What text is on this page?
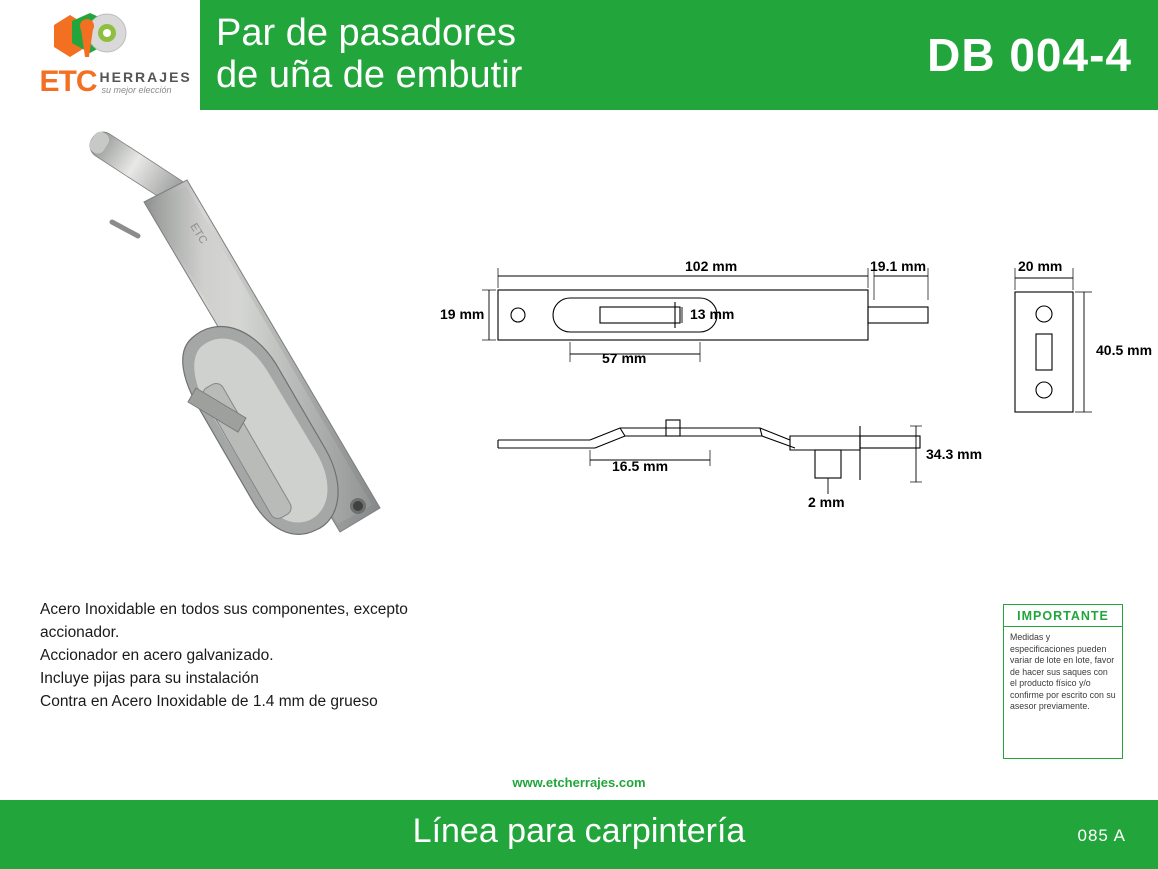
ETC HERRAJES
su mejor elección
Par de pasadores
de uña de embutir	DB 004-4
ETC
102 mm	19.1 mm
19 mm	13 mm
57 mm
20 mm
40.5 mm
16.5 mm
34.3 mm
2 mm

Acero Inoxidable en todos sus componentes, excepto

accionador.

Accionador en acero galvanizado.

Incluye pijas para su instalación

Contra en Acero Inoxidable de 1.4 mm de grueso

IMPORTANTE
Medidas y especificaciones pueden variar de lote en lote, favor de hacer sus saques con el producto físico y/o confirme por escrito con su asesor previamente.
www.etcherrajes.com
Línea para carpintería	085 A
